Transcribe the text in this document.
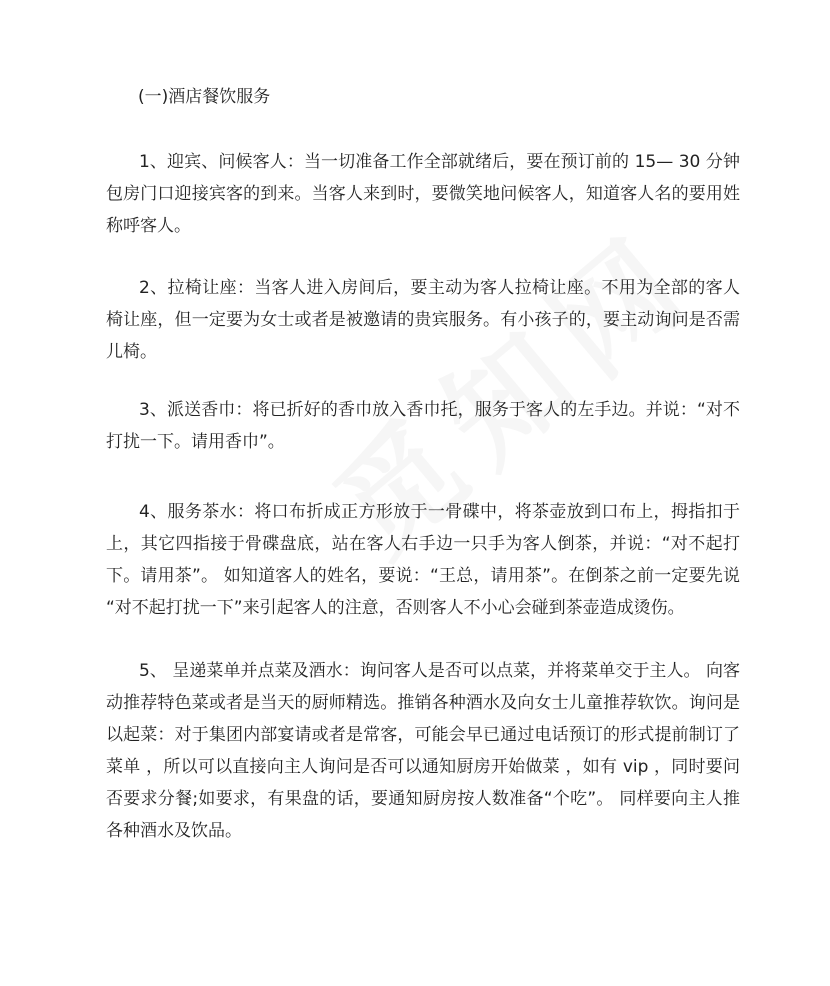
(一)酒店餐饮服务
1、迎宾、问候客人：当一切准备工作全部就绪后，要在预订前的 15— 30 分钟
包房门口迎接宾客的到来。当客人来到时，要微笑地问候客人，知道客人名的要用姓
称呼客人。
2、拉椅让座：当客人进入房间后，要主动为客人拉椅让座。不用为全部的客人
椅让座，但一定要为女士或者是被邀请的贵宾服务。有小孩子的，要主动询问是否需
儿椅。
3、派送香巾：将已折好的香巾放入香巾托，服务于客人的左手边。并说：“对不
打扰一下。请用香巾”。
4、服务茶水：将口布折成正方形放于一骨碟中，将茶壶放到口布上，拇指扣于
上，其它四指接于骨碟盘底，站在客人右手边一只手为客人倒茶，并说：“对不起打
下。请用茶”。 如知道客人的姓名，要说：“王总，请用茶”。在倒茶之前一定要先说
“对不起打扰一下”来引起客人的注意，否则客人不小心会碰到茶壶造成烫伤。
5、 呈递菜单并点菜及酒水：询问客人是否可以点菜，并将菜单交于主人。 向客
动推荐特色菜或者是当天的厨师精选。推销各种酒水及向女士儿童推荐软饮。询问是
以起菜：对于集团内部宴请或者是常客，可能会早已通过电话预订的形式提前制订了
菜单 ，所以可以直接向主人询问是否可以通知厨房开始做菜 ，如有 vip ，同时要问
否要求分餐;如要求，有果盘的话，要通知厨房按人数准备“个吃”。 同样要向主人推
各种酒水及饮品。
